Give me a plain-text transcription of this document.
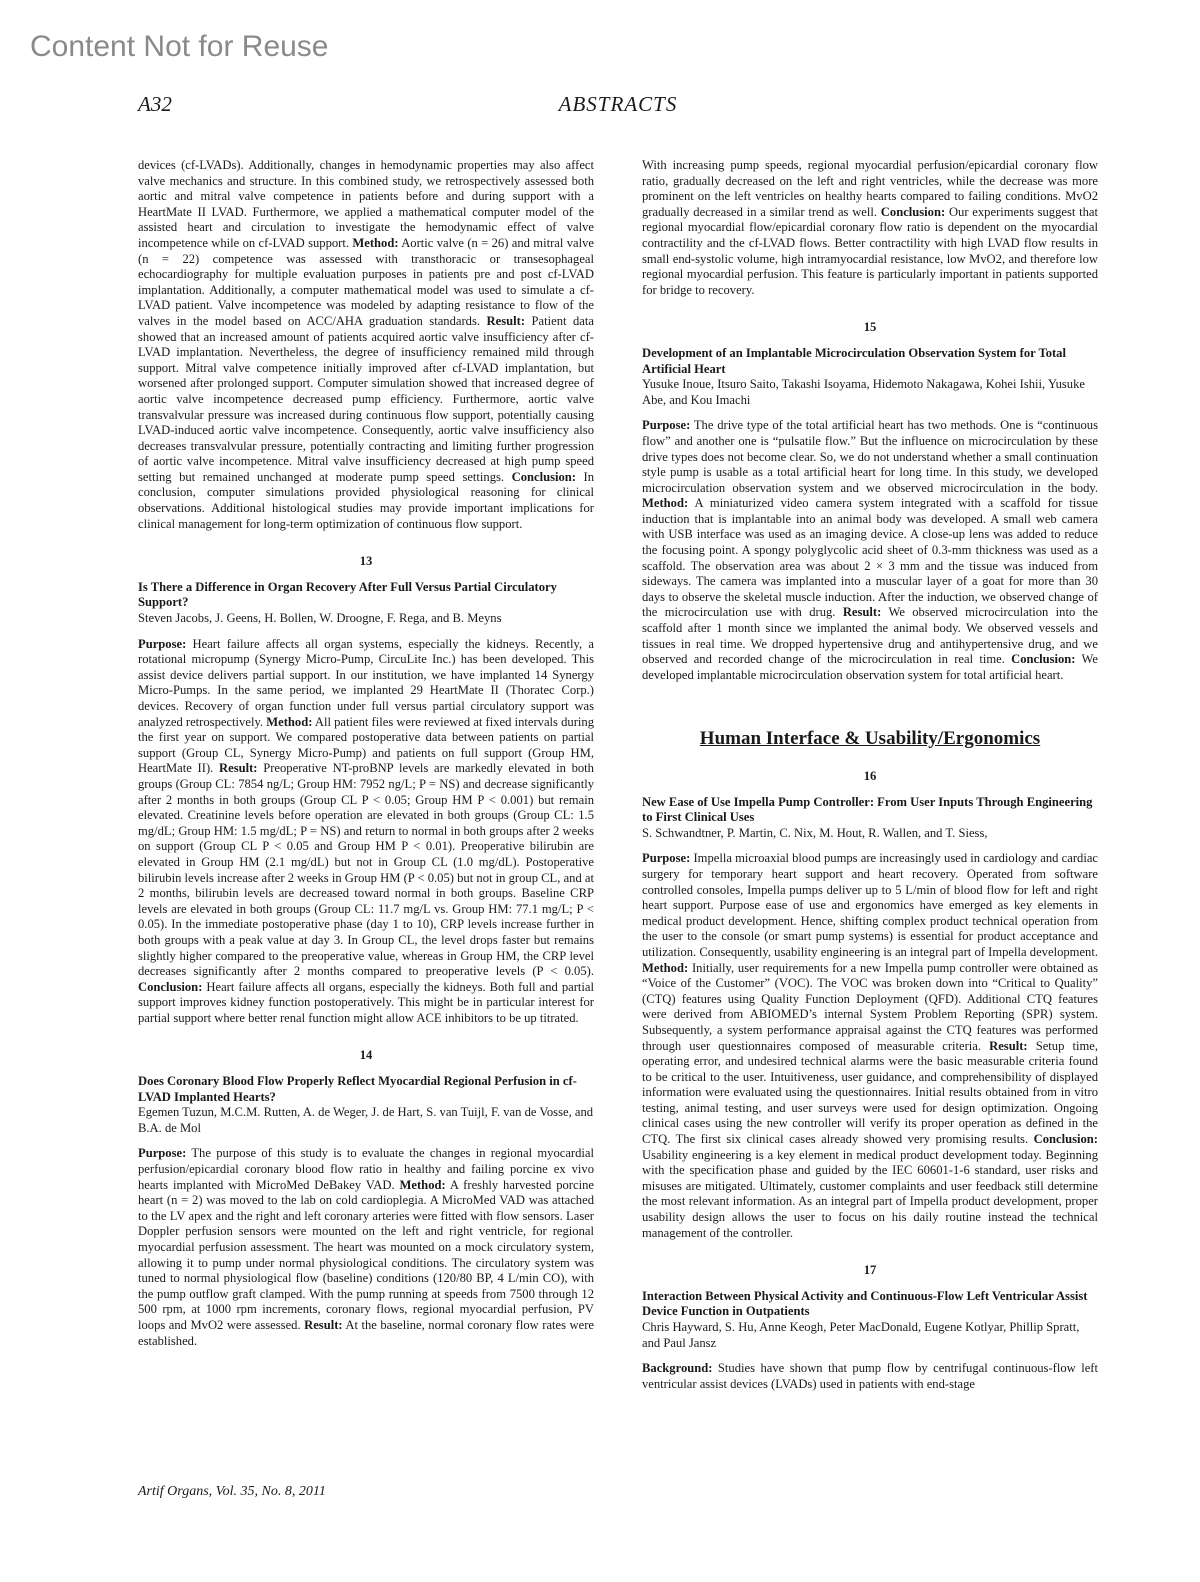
Content Not for Reuse
A32	ABSTRACTS

devices (cf-LVADs). Additionally, changes in hemodynamic properties may also affect valve mechanics and structure. In this combined study, we retrospectively assessed both aortic and mitral valve competence in patients before and during support with a HeartMate II LVAD. Furthermore, we applied a mathematical computer model of the assisted heart and circulation to investigate the hemodynamic effect of valve incompetence while on cf-LVAD support. Method: Aortic valve (n = 26) and mitral valve (n = 22) competence was assessed with transthoracic or transesophageal echocardiography for multiple evaluation purposes in patients pre and post cf-LVAD implantation. Additionally, a computer mathematical model was used to simulate a cf-LVAD patient. Valve incompetence was modeled by adapting resistance to flow of the valves in the model based on ACC/AHA graduation standards. Result: Patient data showed that an increased amount of patients acquired aortic valve insufficiency after cf-LVAD implantation. Nevertheless, the degree of insufficiency remained mild through support. Mitral valve competence initially improved after cf-LVAD implantation, but worsened after prolonged support. Computer simulation showed that increased degree of aortic valve incompetence decreased pump efficiency. Furthermore, aortic valve transvalvular pressure was increased during continuous flow support, potentially causing LVAD-induced aortic valve incompetence. Consequently, aortic valve insufficiency also decreases transvalvular pressure, potentially contracting and limiting further progression of aortic valve incompetence. Mitral valve insufficiency decreased at high pump speed setting but remained unchanged at moderate pump speed settings. Conclusion: In conclusion, computer simulations provided physiological reasoning for clinical observations. Additional histological studies may provide important implications for clinical management for long-term optimization of continuous flow support.

13
Is There a Difference in Organ Recovery After Full Versus Partial Circulatory Support?
Steven Jacobs, J. Geens, H. Bollen, W. Droogne, F. Rega, and B. Meyns

Purpose: Heart failure affects all organ systems, especially the kidneys. Recently, a rotational micropump (Synergy Micro-Pump, CircuLite Inc.) has been developed. This assist device delivers partial support. In our institution, we have implanted 14 Synergy Micro-Pumps. In the same period, we implanted 29 HeartMate II (Thoratec Corp.) devices. Recovery of organ function under full versus partial circulatory support was analyzed retrospectively. Method: All patient files were reviewed at fixed intervals during the first year on support. We compared postoperative data between patients on partial support (Group CL, Synergy Micro-Pump) and patients on full support (Group HM, HeartMate II). Result: Preoperative NT-proBNP levels are markedly elevated in both groups (Group CL: 7854 ng/L; Group HM: 7952 ng/L; P = NS) and decrease significantly after 2 months in both groups (Group CL P < 0.05; Group HM P < 0.001) but remain elevated. Creatinine levels before operation are elevated in both groups (Group CL: 1.5 mg/dL; Group HM: 1.5 mg/dL; P = NS) and return to normal in both groups after 2 weeks on support (Group CL P < 0.05 and Group HM P < 0.01). Preoperative bilirubin are elevated in Group HM (2.1 mg/dL) but not in Group CL (1.0 mg/dL). Postoperative bilirubin levels increase after 2 weeks in Group HM (P < 0.05) but not in group CL, and at 2 months, bilirubin levels are decreased toward normal in both groups. Baseline CRP levels are elevated in both groups (Group CL: 11.7 mg/L vs. Group HM: 77.1 mg/L; P < 0.05). In the immediate postoperative phase (day 1 to 10), CRP levels increase further in both groups with a peak value at day 3. In Group CL, the level drops faster but remains slightly higher compared to the preoperative value, whereas in Group HM, the CRP level decreases significantly after 2 months compared to preoperative levels (P < 0.05). Conclusion: Heart failure affects all organs, especially the kidneys. Both full and partial support improves kidney function postoperatively. This might be in particular interest for partial support where better renal function might allow ACE inhibitors to be up titrated.

14
Does Coronary Blood Flow Properly Reflect Myocardial Regional Perfusion in cf-LVAD Implanted Hearts?
Egemen Tuzun, M.C.M. Rutten, A. de Weger, J. de Hart, S. van Tuijl, F. van de Vosse, and B.A. de Mol

Purpose: The purpose of this study is to evaluate the changes in regional myocardial perfusion/epicardial coronary blood flow ratio in healthy and failing porcine ex vivo hearts implanted with MicroMed DeBakey VAD. Method: A freshly harvested porcine heart (n = 2) was moved to the lab on cold cardioplegia. A MicroMed VAD was attached to the LV apex and the right and left coronary arteries were fitted with flow sensors. Laser Doppler perfusion sensors were mounted on the left and right ventricle, for regional myocardial perfusion assessment. The heart was mounted on a mock circulatory system, allowing it to pump under normal physiological conditions. The circulatory system was tuned to normal physiological flow (baseline) conditions (120/80 BP, 4 L/min CO), with the pump outflow graft clamped. With the pump running at speeds from 7500 through 12 500 rpm, at 1000 rpm increments, coronary flows, regional myocardial perfusion, PV loops and MvO2 were assessed. Result: At the baseline, normal coronary flow rates were established.

With increasing pump speeds, regional myocardial perfusion/epicardial coronary flow ratio, gradually decreased on the left and right ventricles, while the decrease was more prominent on the left ventricles on healthy hearts compared to failing conditions. MvO2 gradually decreased in a similar trend as well. Conclusion: Our experiments suggest that regional myocardial flow/epicardial coronary flow ratio is dependent on the myocardial contractility and the cf-LVAD flows. Better contractility with high LVAD flow results in small end-systolic volume, high intramyocardial resistance, low MvO2, and therefore low regional myocardial perfusion. This feature is particularly important in patients supported for bridge to recovery.

15
Development of an Implantable Microcirculation Observation System for Total Artificial Heart
Yusuke Inoue, Itsuro Saito, Takashi Isoyama, Hidemoto Nakagawa, Kohei Ishii, Yusuke Abe, and Kou Imachi

Purpose: The drive type of the total artificial heart has two methods. One is “continuous flow” and another one is “pulsatile flow.” But the influence on microcirculation by these drive types does not become clear. So, we do not understand whether a small continuation style pump is usable as a total artificial heart for long time. In this study, we developed microcirculation observation system and we observed microcirculation in the body. Method: A miniaturized video camera system integrated with a scaffold for tissue induction that is implantable into an animal body was developed. A small web camera with USB interface was used as an imaging device. A close-up lens was added to reduce the focusing point. A spongy polyglycolic acid sheet of 0.3-mm thickness was used as a scaffold. The observation area was about 2 × 3 mm and the tissue was induced from sideways. The camera was implanted into a muscular layer of a goat for more than 30 days to observe the skeletal muscle induction. After the induction, we observed change of the microcirculation use with drug. Result: We observed microcirculation into the scaffold after 1 month since we implanted the animal body. We observed vessels and tissues in real time. We dropped hypertensive drug and antihypertensive drug, and we observed and recorded change of the microcirculation in real time. Conclusion: We developed implantable microcirculation observation system for total artificial heart.

Human Interface & Usability/Ergonomics
16
New Ease of Use Impella Pump Controller: From User Inputs Through Engineering to First Clinical Uses
S. Schwandtner, P. Martin, C. Nix, M. Hout, R. Wallen, and T. Siess,

Purpose: Impella microaxial blood pumps are increasingly used in cardiology and cardiac surgery for temporary heart support and heart recovery. Operated from software controlled consoles, Impella pumps deliver up to 5 L/min of blood flow for left and right heart support. Purpose ease of use and ergonomics have emerged as key elements in medical product development. Hence, shifting complex product technical operation from the user to the console (or smart pump systems) is essential for product acceptance and utilization. Consequently, usability engineering is an integral part of Impella development. Method: Initially, user requirements for a new Impella pump controller were obtained as “Voice of the Customer” (VOC). The VOC was broken down into “Critical to Quality” (CTQ) features using Quality Function Deployment (QFD). Additional CTQ features were derived from ABIOMED’s internal System Problem Reporting (SPR) system. Subsequently, a system performance appraisal against the CTQ features was performed through user questionnaires composed of measurable criteria. Result: Setup time, operating error, and undesired technical alarms were the basic measurable criteria found to be critical to the user. Intuitiveness, user guidance, and comprehensibility of displayed information were evaluated using the questionnaires. Initial results obtained from in vitro testing, animal testing, and user surveys were used for design optimization. Ongoing clinical cases using the new controller will verify its proper operation as defined in the CTQ. The first six clinical cases already showed very promising results. Conclusion: Usability engineering is a key element in medical product development today. Beginning with the specification phase and guided by the IEC 60601-1-6 standard, user risks and misuses are mitigated. Ultimately, customer complaints and user feedback still determine the most relevant information. As an integral part of Impella product development, proper usability design allows the user to focus on his daily routine instead the technical management of the controller.

17
Interaction Between Physical Activity and Continuous-Flow Left Ventricular Assist Device Function in Outpatients
Chris Hayward, S. Hu, Anne Keogh, Peter MacDonald, Eugene Kotlyar, Phillip Spratt, and Paul Jansz

Background: Studies have shown that pump flow by centrifugal continuous-flow left ventricular assist devices (LVADs) used in patients with end-stage

Artif Organs, Vol. 35, No. 8, 2011
